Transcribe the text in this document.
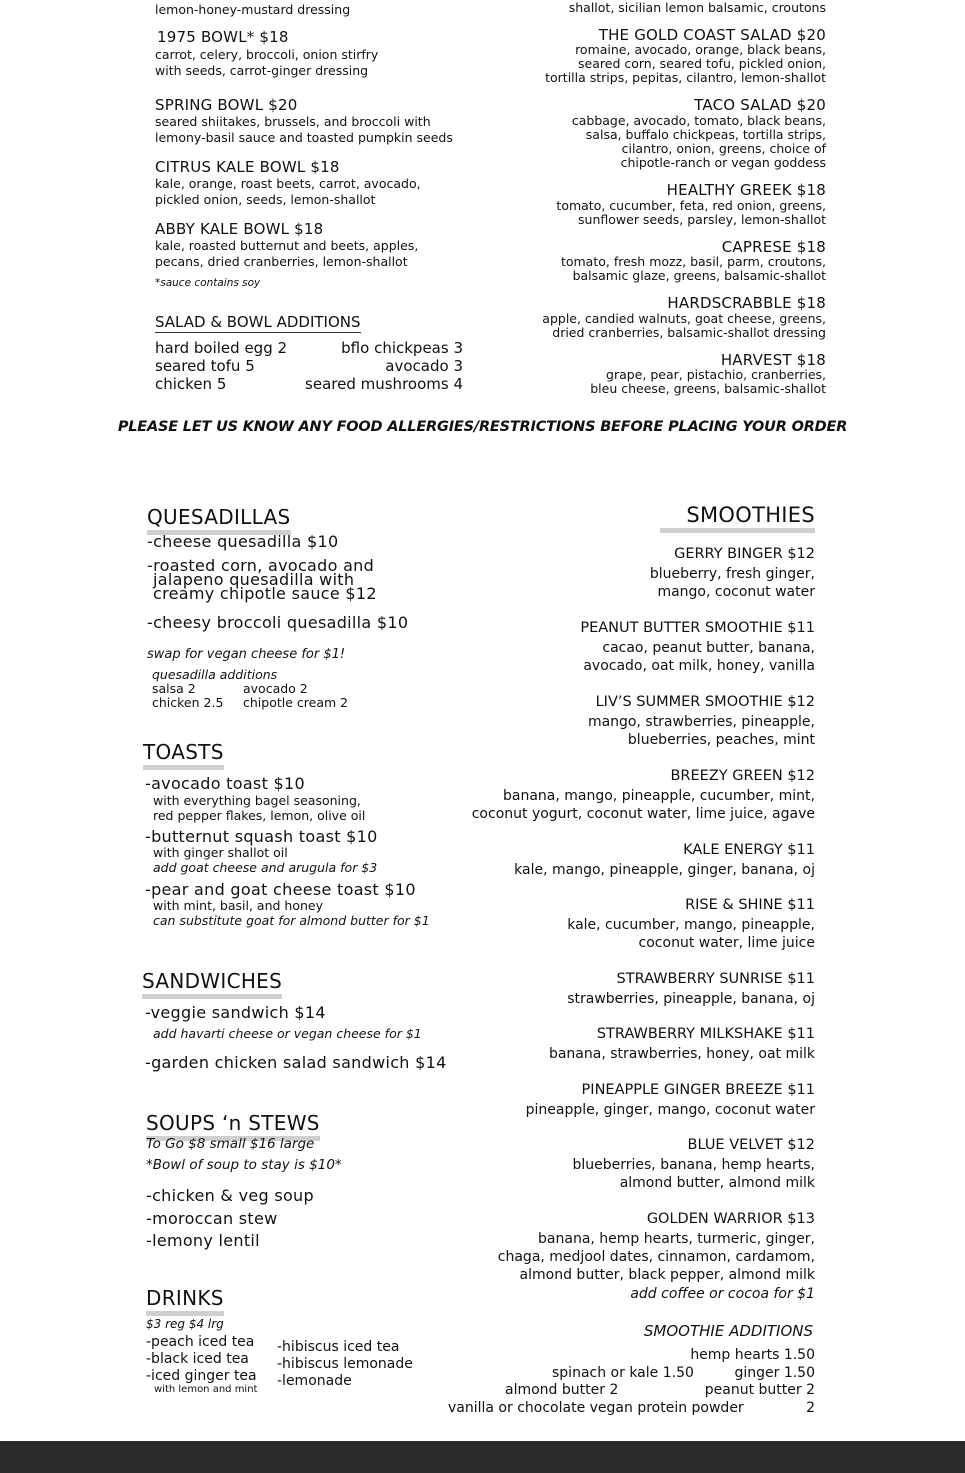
lemon-honey-mustard dressing
1975 BOWL* $18
carrot, celery, broccoli, onion stirfry
with seeds, carrot-ginger dressing
SPRING BOWL $20
seared shiitakes, brussels, and broccoli with
lemony-basil sauce and toasted pumpkin seeds
CITRUS KALE BOWL $18
kale, orange, roast beets, carrot, avocado,
pickled onion, seeds, lemon-shallot
ABBY KALE BOWL $18
kale, roasted butternut and beets, apples,
pecans, dried cranberries, lemon-shallot
*sauce contains soy
SALAD & BOWL ADDITIONS
hard boiled egg 2	bflo chickpeas 3
seared tofu 5	avocado 3
chicken 5	seared mushrooms 4
shallot, sicilian lemon balsamic, croutons
THE GOLD COAST SALAD $20
romaine, avocado, orange, black beans,
seared corn, seared tofu, pickled onion,
tortilla strips, pepitas, cilantro, lemon-shallot
TACO SALAD $20
cabbage, avocado, tomato, black beans,
salsa, buffalo chickpeas, tortilla strips,
cilantro, onion, greens, choice of
chipotle-ranch or vegan goddess
HEALTHY GREEK $18
tomato, cucumber, feta, red onion, greens,
sunflower seeds, parsley, lemon-shallot
CAPRESE $18
tomato, fresh mozz, basil, parm, croutons,
balsamic glaze, greens, balsamic-shallot
HARDSCRABBLE $18
apple, candied walnuts, goat cheese, greens,
dried cranberries, balsamic-shallot dressing
HARVEST $18
grape, pear, pistachio, cranberries,
bleu cheese, greens, balsamic-shallot
PLEASE LET US KNOW ANY FOOD ALLERGIES/RESTRICTIONS BEFORE PLACING YOUR ORDER
QUESADILLAS
-cheese quesadilla $10
-roasted corn, avocado and
jalapeno quesadilla with
creamy chipotle sauce $12
-cheesy broccoli quesadilla $10
swap for vegan cheese for $1!
quesadilla additions
salsa 2	avocado 2
chicken 2.5 chipotle cream 2
TOASTS
-avocado toast $10
with everything bagel seasoning,
red pepper flakes, lemon, olive oil
-butternut squash toast $10
with ginger shallot oil
add goat cheese and arugula for $3
-pear and goat cheese toast $10
with mint, basil, and honey
can substitute goat for almond butter for $1
SANDWICHES
-veggie sandwich $14
add havarti cheese or vegan cheese for $1
-garden chicken salad sandwich $14
SOUPS ‘n STEWS
To Go $8 small $16 large
*Bowl of soup to stay is $10*
-chicken & veg soup
-moroccan stew
-lemony lentil
DRINKS
$3 reg $4 lrg
-peach iced tea
-black iced tea
-iced ginger tea
with lemon and mint
-hibiscus iced tea
-hibiscus lemonade
-lemonade
SMOOTHIES
GERRY BINGER $12
blueberry, fresh ginger,
mango, coconut water
PEANUT BUTTER SMOOTHIE $11
cacao, peanut butter, banana,
avocado, oat milk, honey, vanilla
LIV’S SUMMER SMOOTHIE $12
mango, strawberries, pineapple,
blueberries, peaches, mint
BREEZY GREEN $12
banana, mango, pineapple, cucumber, mint,
coconut yogurt, coconut water, lime juice, agave
KALE ENERGY $11
kale, mango, pineapple, ginger, banana, oj
RISE & SHINE $11
kale, cucumber, mango, pineapple,
coconut water, lime juice
STRAWBERRY SUNRISE $11
strawberries, pineapple, banana, oj
STRAWBERRY MILKSHAKE $11
banana, strawberries, honey, oat milk
PINEAPPLE GINGER BREEZE $11
pineapple, ginger, mango, coconut water
BLUE VELVET $12
blueberries, banana, hemp hearts,
almond butter, almond milk
GOLDEN WARRIOR $13
banana, hemp hearts, turmeric, ginger,
chaga, medjool dates, cinnamon, cardamom,
almond butter, black pepper, almond milk
add coffee or cocoa for $1
SMOOTHIE ADDITIONS
hemp hearts 1.50
spinach or kale 1.50	ginger 1.50
almond butter 2	peanut butter 2
vanilla or chocolate vegan protein powder	2
